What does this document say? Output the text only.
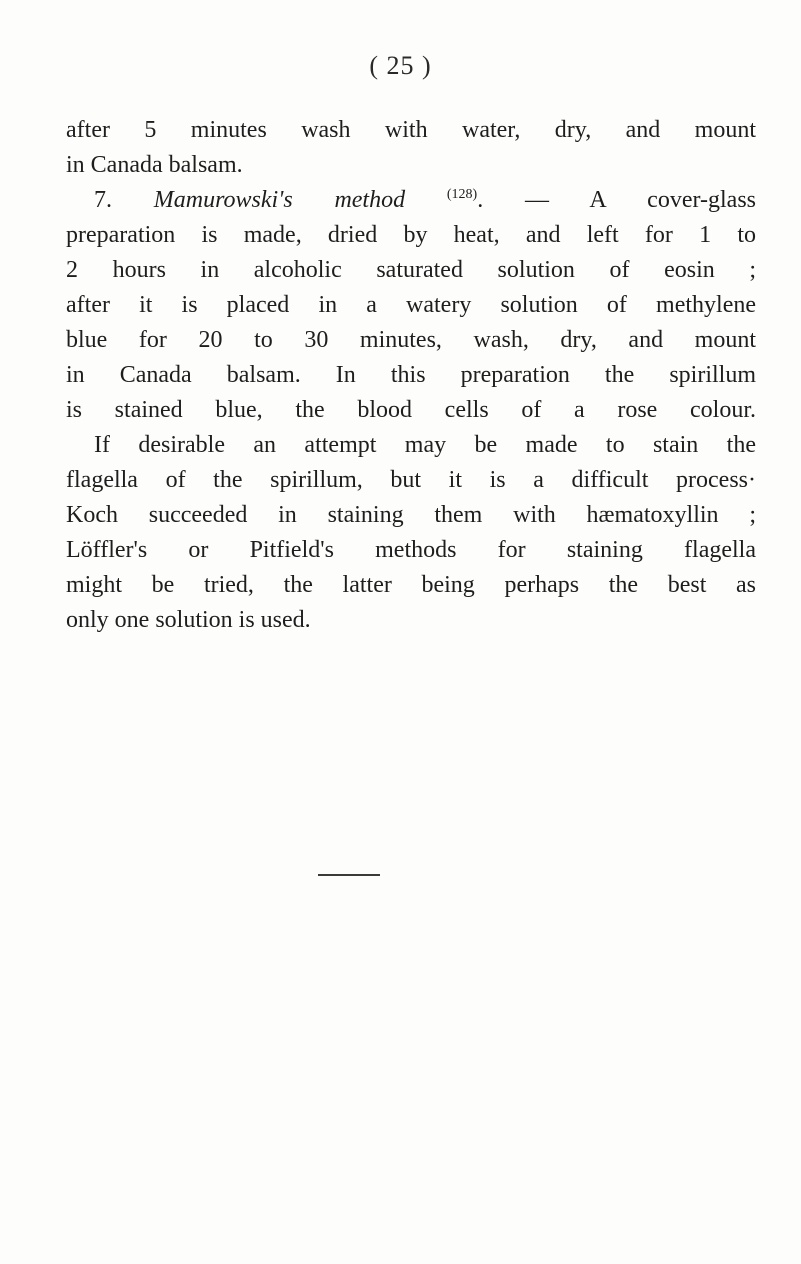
( 25 )
after 5 minutes wash with water, dry, and mount
in Canada balsam.
7. Mamurowski's method	$^{(128)}$. — A cover-glass
preparation is made, dried by heat, and left for 1 to
2 hours in alcoholic saturated solution of eosin ;
after it is placed in a watery solution of methylene
blue for 20 to 30 minutes, wash, dry, and mount
in Canada balsam. In this preparation the spirillum
is stained blue, the blood cells of a rose colour.
If desirable an attempt may be made to stain the
flagella of the spirillum, but it is a difficult process·
Koch succeeded in staining them with hæmatoxyllin ;
Löffler's or Pitfield's methods for staining flagella
might be tried, the latter being perhaps the best as
only one solution is used.
